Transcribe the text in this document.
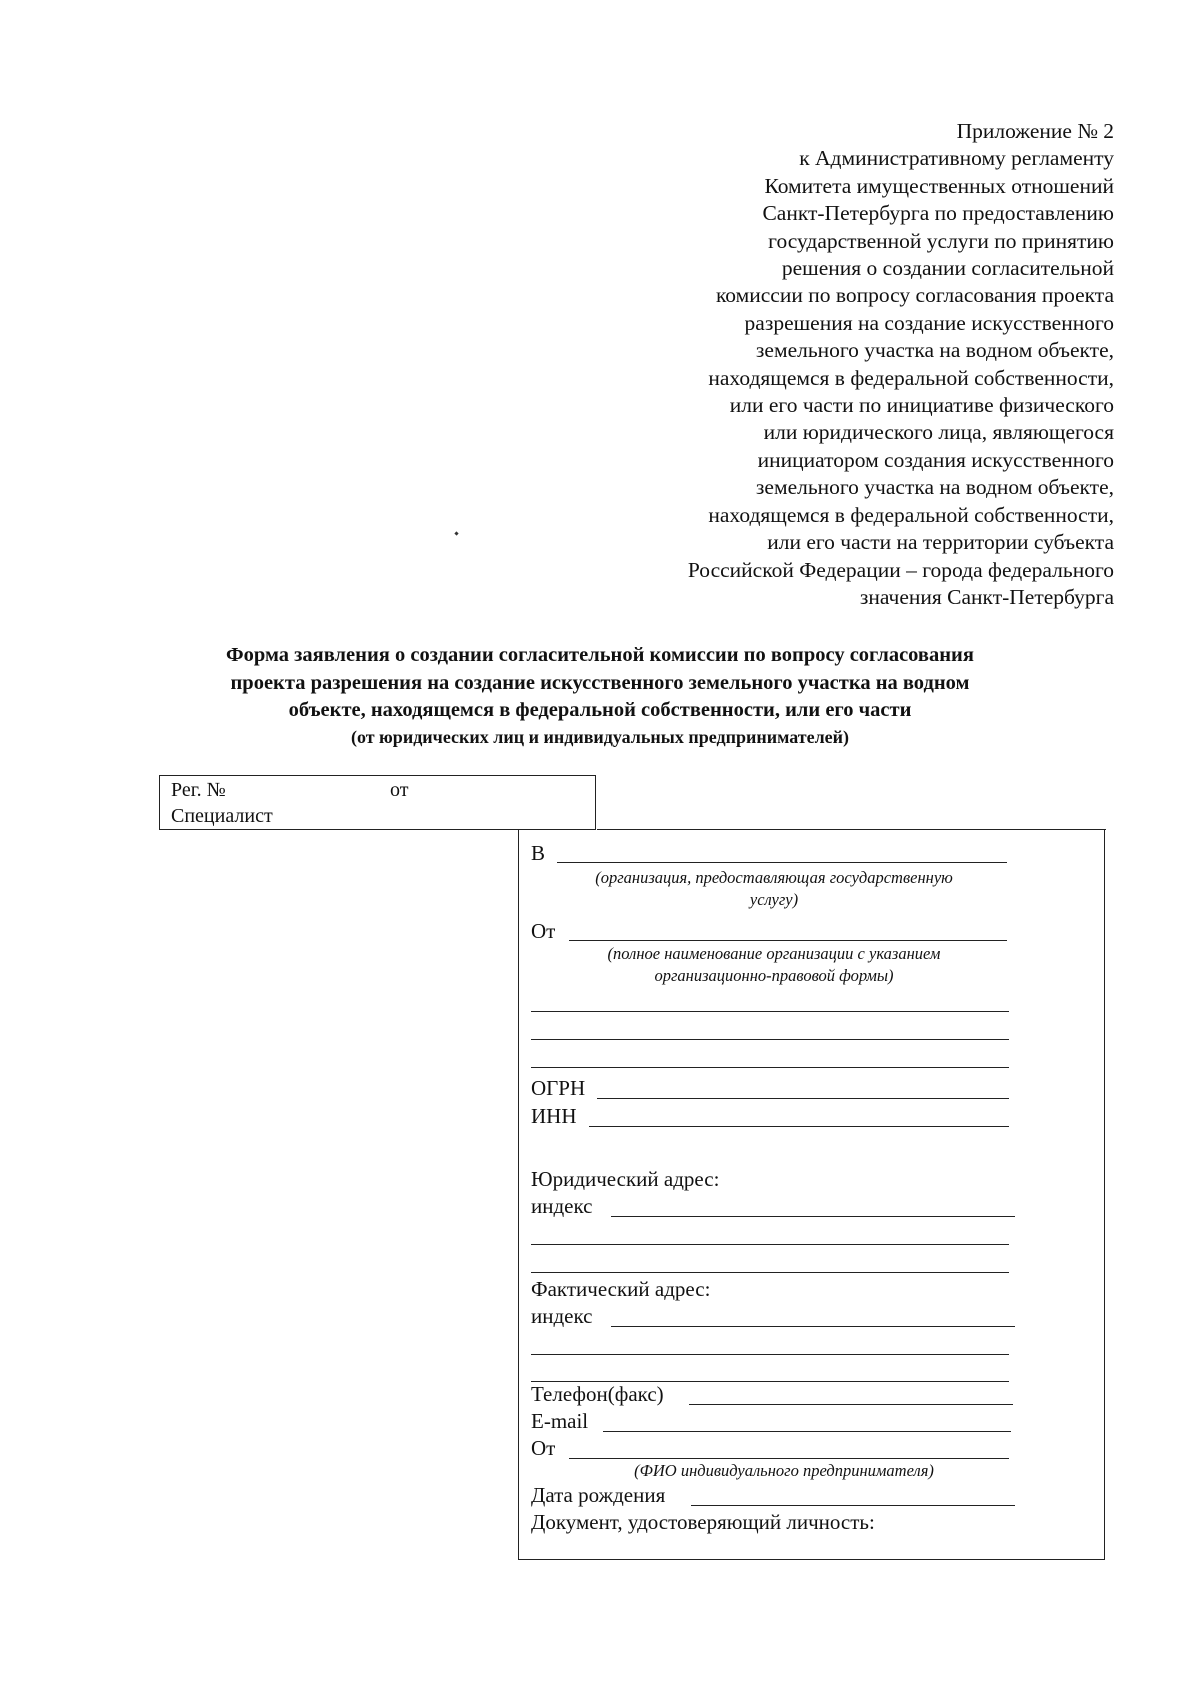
Приложение № 2
к Административному регламенту
Комитета имущественных отношений
Санкт-Петербурга по предоставлению
государственной услуги по принятию
решения о создании согласительной
комиссии по вопросу согласования проекта
разрешения на создание искусственного
земельного участка на водном объекте,
находящемся в федеральной собственности,
или его части по инициативе физического
или юридического лица, являющегося
инициатором создания искусственного
земельного участка на водном объекте,
находящемся в федеральной собственности,
или его части на территории субъекта
Российской Федерации – города федерального
значения Санкт-Петербурга
Форма заявления о создании согласительной комиссии по вопросу согласования
проекта разрешения на создание искусственного земельного участка на водном
объекте, находящемся в федеральной собственности, или его части
(от юридических лиц и индивидуальных предпринимателей)
Рег. №	от
Специалист
В
(организация, предоставляющая государственную
услугу)
От
(полное наименование организации с указанием
организационно-правовой формы)
ОГРН
ИНН
Юридический адрес:
индекс
Фактический адрес:
индекс
Телефон(факс)
E-mail
От
(ФИО индивидуального предпринимателя)
Дата рождения
Документ, удостоверяющий личность:
